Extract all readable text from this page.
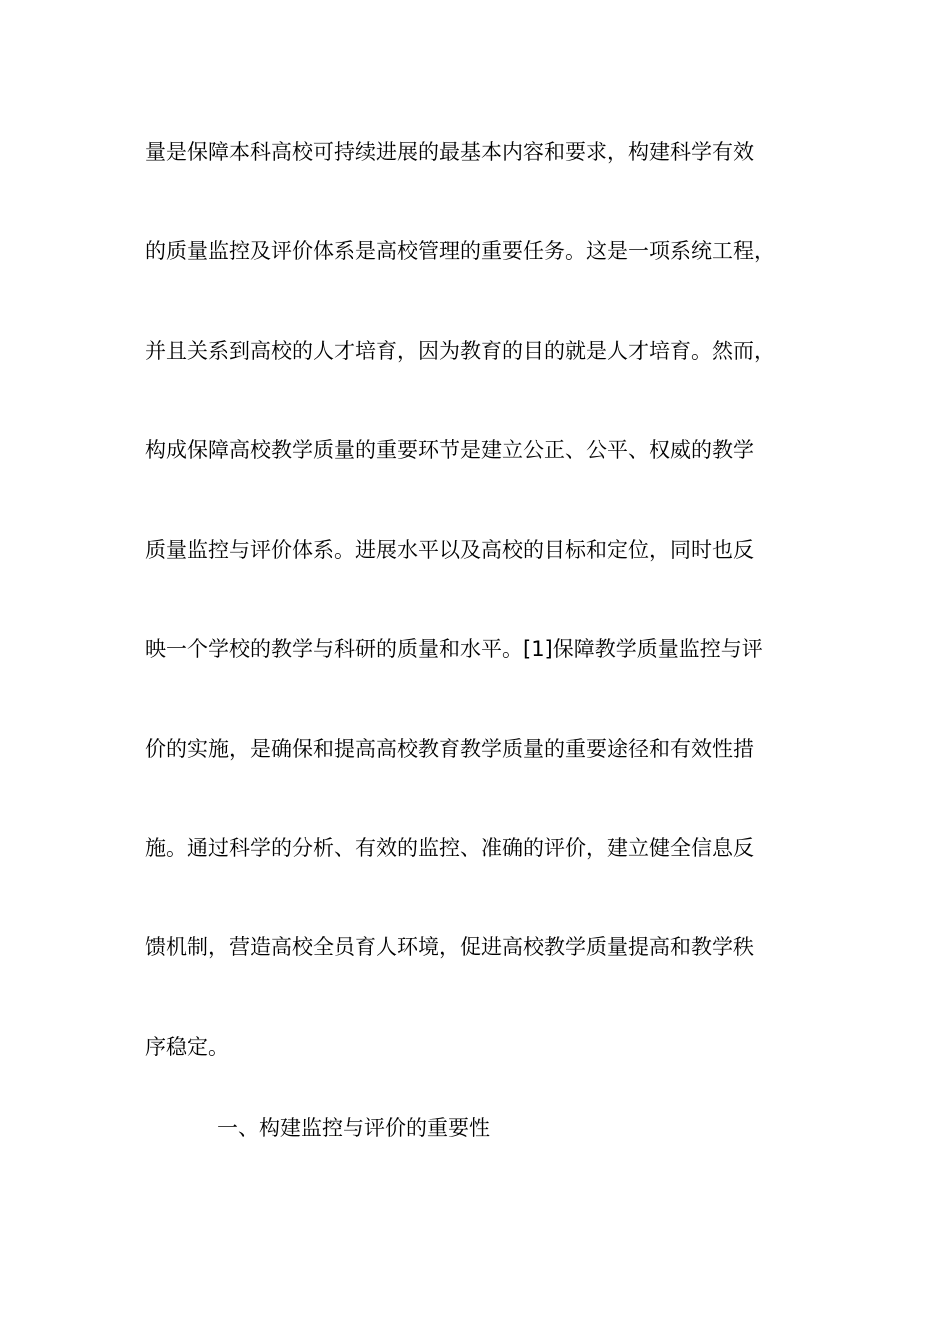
量是保障本科高校可持续进展的最基本内容和要求，构建科学有效
的质量监控及评价体系是高校管理的重要任务。这是一项系统工程，
并且关系到高校的人才培育，因为教育的目的就是人才培育。然而，
构成保障高校教学质量的重要环节是建立公正、公平、权威的教学
质量监控与评价体系。进展水平以及高校的目标和定位，同时也反
映一个学校的教学与科研的质量和水平。[1]保障教学质量监控与评
价的实施，是确保和提高高校教育教学质量的重要途径和有效性措
施。通过科学的分析、有效的监控、准确的评价，建立健全信息反
馈机制，营造高校全员育人环境，促进高校教学质量提高和教学秩
序稳定。
一、构建监控与评价的重要性
